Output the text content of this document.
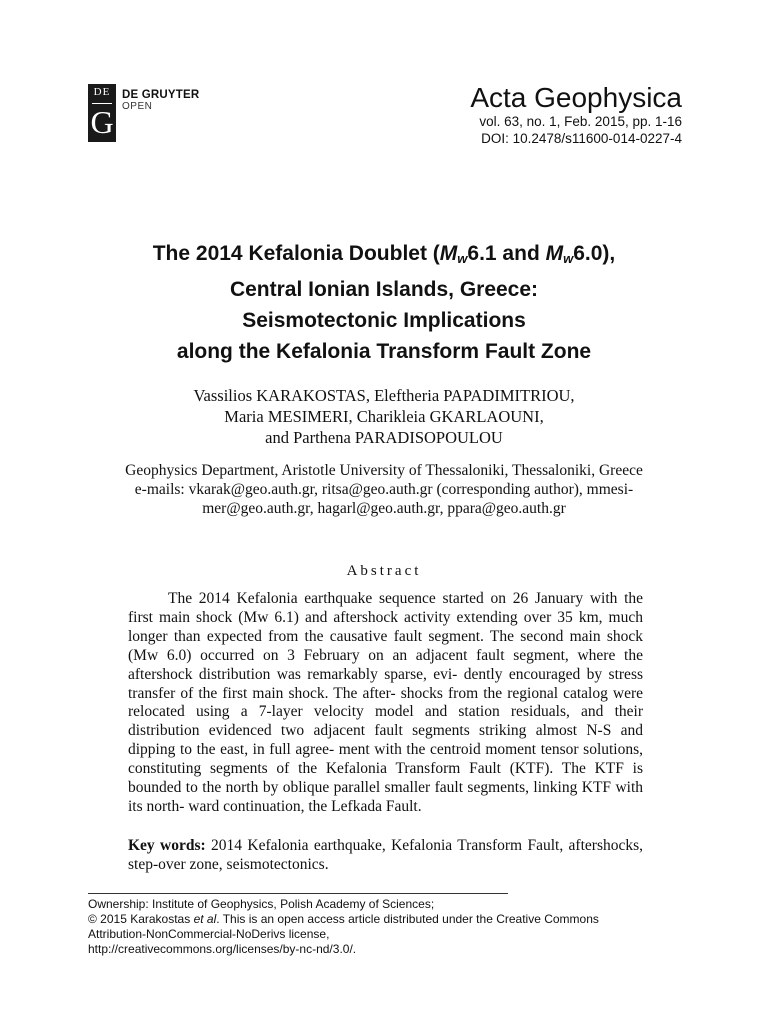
DE
G
DE GRUYTER
OPEN	Acta Geophysica
vol. 63, no. 1, Feb. 2015, pp. 1-16
DOI: 10.2478/s11600-014-0227-4
The 2014 Kefalonia Doublet ($M_w6.1$ and $M_w6.0$),
Central Ionian Islands, Greece:
Seismotectonic Implications
along the Kefalonia Transform Fault Zone
Vassilios KARAKOSTAS, Eleftheria PAPADIMITRIOU,
Maria MESIMERI, Charikleia GKARLAOUNI,
and Parthena PARADISOPOULOU
Geophysics Department, Aristotle University of Thessaloniki, Thessaloniki, Greece
e-mails: vkarak@geo.auth.gr, ritsa@geo.auth.gr (corresponding author), mmesi-
mer@geo.auth.gr, hagarl@geo.auth.gr, ppara@geo.auth.gr
Abstract

The 2014 Kefalonia earthquake sequence started on 26 January with the first main shock (Mw 6.1) and aftershock activity extending over 35 km, much longer than expected from the causative fault segment. The second main shock (Mw 6.0) occurred on 3 February on an adjacent fault segment, where the aftershock distribution was remarkably sparse, evi- dently encouraged by stress transfer of the first main shock. The after- shocks from the regional catalog were relocated using a 7-layer velocity model and station residuals, and their distribution evidenced two adjacent fault segments striking almost N-S and dipping to the east, in full agree- ment with the centroid moment tensor solutions, constituting segments of the Kefalonia Transform Fault (KTF). The KTF is bounded to the north by oblique parallel smaller fault segments, linking KTF with its north- ward continuation, the Lefkada Fault.

Key words: 2014 Kefalonia earthquake, Kefalonia Transform Fault, aftershocks, step-over zone, seismotectonics.
Ownership: Institute of Geophysics, Polish Academy of Sciences;
© 2015 Karakostas et al. This is an open access article distributed under the Creative Commons
Attribution-NonCommercial-NoDerivs license,
http://creativecommons.org/licenses/by-nc-nd/3.0/.
